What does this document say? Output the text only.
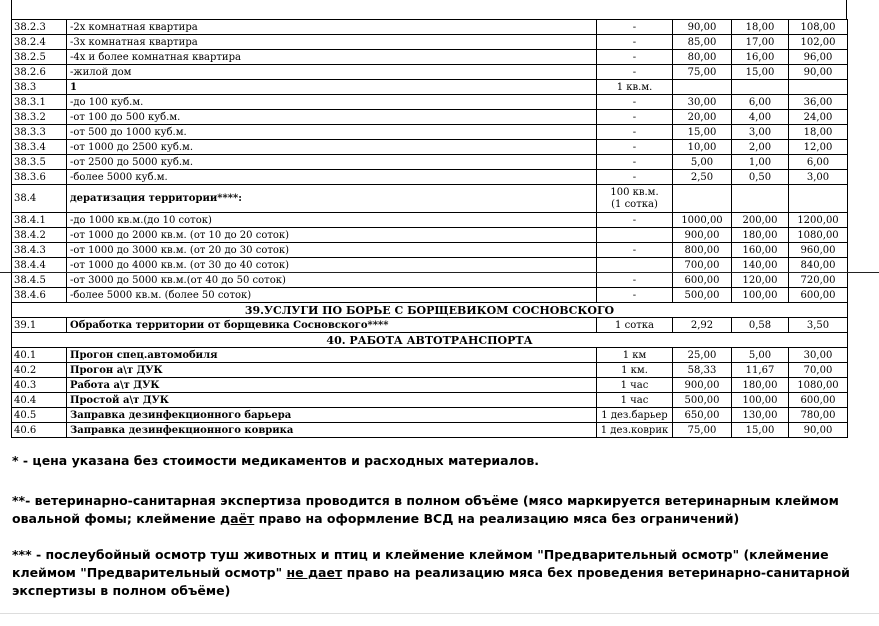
38.2.3	-2х комнатная квартира	-	90,00	18,00	108,00
38.2.4	-3х комнатная квартира	-	85,00	17,00	102,00
38.2.5	-4х и более комнатная квартира	-	80,00	16,00	96,00
38.2.6	-жилой дом	-	75,00	15,00	90,00
38.3	1	1 кв.м.			
38.3.1	-до 100 куб.м.	-	30,00	6,00	36,00
38.3.2	-от 100 до 500 куб.м.	-	20,00	4,00	24,00
38.3.3	-от 500 до 1000 куб.м.	-	15,00	3,00	18,00
38.3.4	-от 1000 до 2500 куб.м.	-	10,00	2,00	12,00
38.3.5	-от 2500 до 5000 куб.м.	-	5,00	1,00	6,00
38.3.6	-более 5000 куб.м.	-	2,50	0,50	3,00
38.4	дератизация территории****:	100 кв.м.
(1 сотка)			

38.4.1	-до 1000 кв.м.(до 10 соток)	-	1000,00	200,00	1200,00
38.4.2	-от 1000 до 2000 кв.м. (от 10 до 20 соток)		900,00	180,00	1080,00
38.4.3	-от 1000 до 3000 кв.м. (от 20 до 30 соток)	-	800,00	160,00	960,00
38.4.4	-от 1000 до 4000 кв.м. (от 30 до 40 соток)		700,00	140,00	840,00
38.4.5	-от 3000 до 5000 кв.м.(от 40 до 50 соток)	-	600,00	120,00	720,00
38.4.6	-более 5000 кв.м. (более 50 соток)	-	500,00	100,00	600,00
39.УСЛУГИ ПО БОРЬЕ С БОРЩЕВИКОМ СОСНОВСКОГО					
39.1	Обработка территории от борщевика Сосновского****	1 сотка	2,92	0,58	3,50
40. РАБОТА АВТОТРАНСПОРТА					
40.1	Прогон спец.автомобиля	1 км	25,00	5,00	30,00
40.2	Прогон а\т ДУК	1 км.	58,33	11,67	70,00
40.3	Работа а\т ДУК	1 час	900,00	180,00	1080,00
40.4	Простой а\т ДУК	1 час	500,00	100,00	600,00
40.5	Заправка дезинфекционного барьера	1 дез.барьер	650,00	130,00	780,00
40.6	Заправка дезинфекционного коврика	1 дез.коврик	75,00	15,00	90,00

* - цена указана без стоимости медикаментов и расходных материалов.

**- ветеринарно-санитарная экспертиза проводится в полном объёме (мясо маркируется ветеринарным клеймом овальной фомы; клеймение даёт право на оформление ВСД на реализацию мяса без ограничений)

*** - послеубойный осмотр туш животных и птиц и клеймение клеймом "Предварительный осмотр" (клеймение клеймом "Предварительный осмотр" не дает право на реализацию мяса бех проведения ветеринарно-санитарной экспертизы в полном объёме)
